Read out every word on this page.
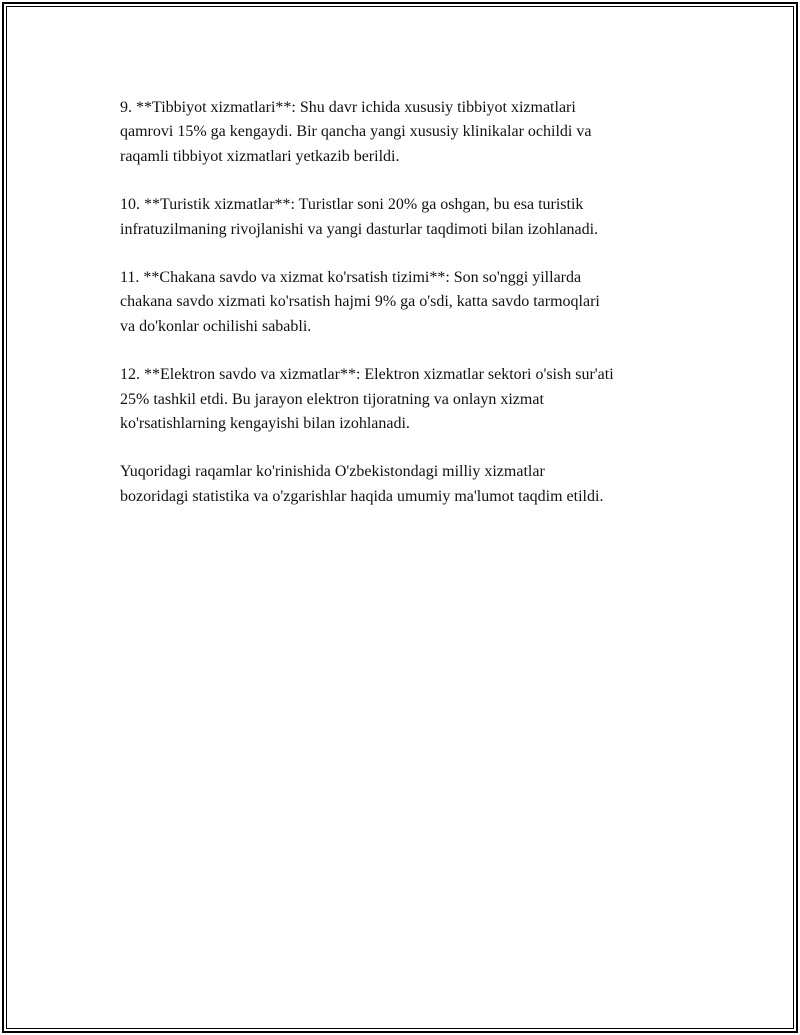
9. **Tibbiyot xizmatlari**: Shu davr ichida xususiy tibbiyot xizmatlari
qamrovi 15% ga kengaydi. Bir qancha yangi xususiy klinikalar ochildi va
raqamli tibbiyot xizmatlari yetkazib berildi.

10. **Turistik xizmatlar**: Turistlar soni 20% ga oshgan, bu esa turistik
infratuzilmaning rivojlanishi va yangi dasturlar taqdimoti bilan izohlanadi.

11. **Chakana savdo va xizmat ko'rsatish tizimi**: Son so'nggi yillarda
chakana savdo xizmati ko'rsatish hajmi 9% ga o'sdi, katta savdo tarmoqlari
va do'konlar ochilishi sababli.

12. **Elektron savdo va xizmatlar**: Elektron xizmatlar sektori o'sish sur'ati
25% tashkil etdi. Bu jarayon elektron tijoratning va onlayn xizmat
ko'rsatishlarning kengayishi bilan izohlanadi.

Yuqoridagi raqamlar ko'rinishida O'zbekistondagi milliy xizmatlar
bozoridagi statistika va o'zgarishlar haqida umumiy ma'lumot taqdim etildi.
